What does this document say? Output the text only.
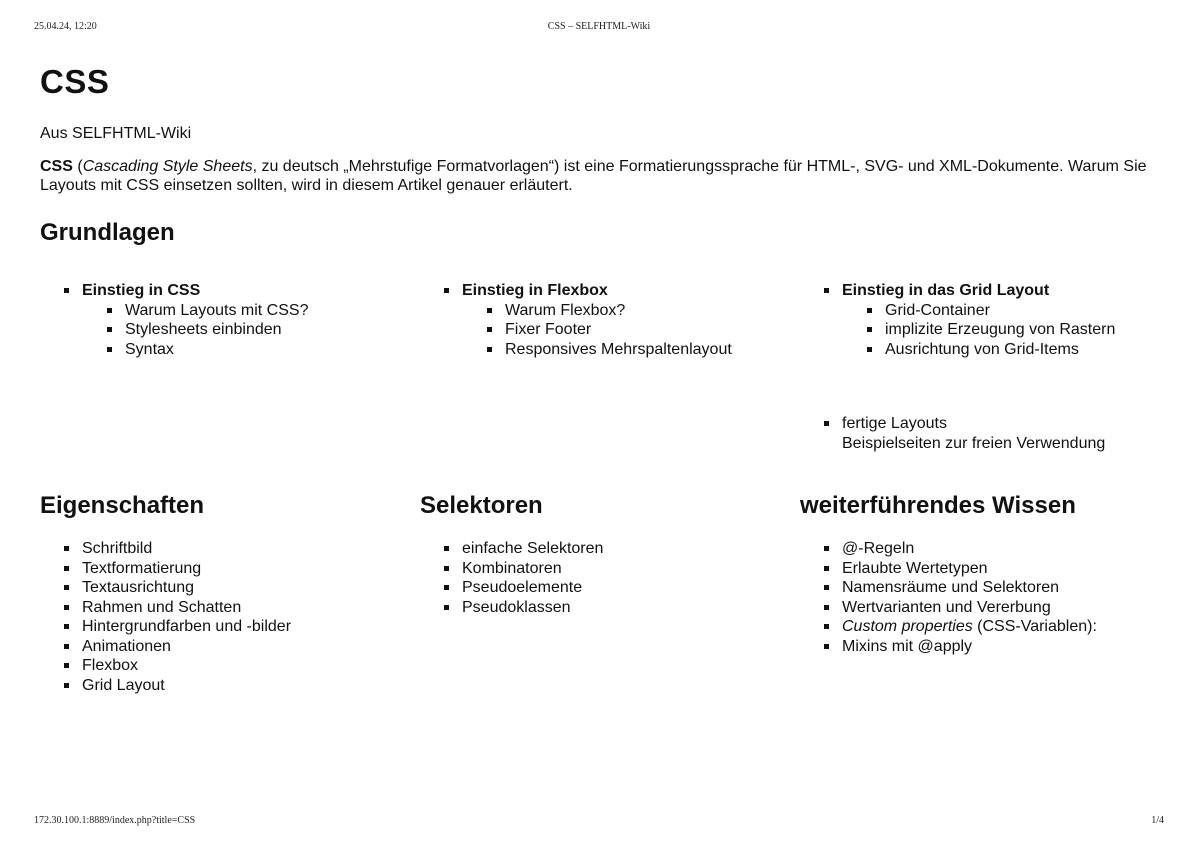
25.04.24, 12:20	CSS – SELFHTML-Wiki
CSS
Aus SELFHTML-Wiki

CSS (Cascading Style Sheets, zu deutsch „Mehrstufige Formatvorlagen“) ist eine Formatierungssprache für HTML-, SVG- und XML-Dokumente. Warum Sie Layouts mit CSS einsetzen sollten, wird in diesem Artikel genauer erläutert.

Grundlagen
Einstieg in CSS
Warum Layouts mit CSS?
Stylesheets einbinden
Syntax
Einstieg in Flexbox
Warum Flexbox?
Fixer Footer
Responsives Mehrspaltenlayout
Einstieg in das Grid Layout
Grid-Container
implizite Erzeugung von Rastern
Ausrichtung von Grid-Items
fertige Layouts
Beispielseiten zur freien Verwendung
Eigenschaften
Schriftbild
Textformatierung
Textausrichtung
Rahmen und Schatten
Hintergrundfarben und -bilder
Animationen
Flexbox
Grid Layout
Selektoren
einfache Selektoren
Kombinatoren
Pseudoelemente
Pseudoklassen
weiterführendes Wissen
@-Regeln
Erlaubte Wertetypen
Namensräume und Selektoren
Wertvarianten und Vererbung
Custom properties (CSS-Variablen):
Mixins mit @apply
172.30.100.1:8889/index.php?title=CSS	1/4
